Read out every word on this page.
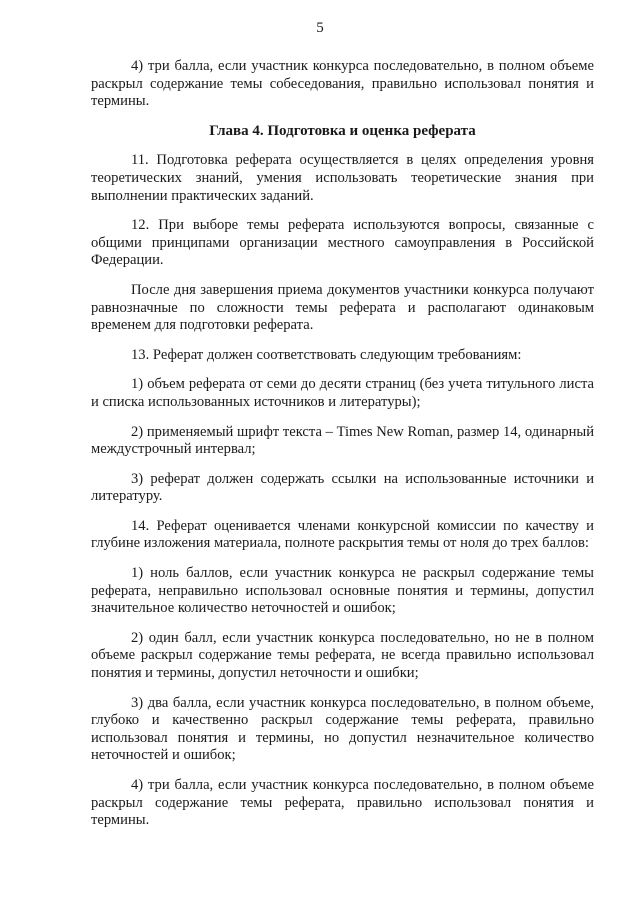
5

4) три балла, если участник конкурса последовательно, в полном объеме раскрыл содержание темы собеседования, правильно использовал понятия и термины.

Глава 4. Подготовка и оценка реферата

11. Подготовка реферата осуществляется в целях определения уровня теоретических знаний, умения использовать теоретические знания при выполнении практических заданий.

12. При выборе темы реферата используются вопросы, связанные с общими принципами организации местного самоуправления в Российской Федерации.

После дня завершения приема документов участники конкурса получают равнозначные по сложности темы реферата и располагают одинаковым временем для подготовки реферата.

13. Реферат должен соответствовать следующим требованиям:

1) объем реферата от семи до десяти страниц (без учета титульного листа и списка использованных источников и литературы);

2) применяемый шрифт текста – Times New Roman, размер 14, одинарный междустрочный интервал;

3) реферат должен содержать ссылки на использованные источники и литературу.

14. Реферат оценивается членами конкурсной комиссии по качеству и глубине изложения материала, полноте раскрытия темы от ноля до трех баллов:

1) ноль баллов, если участник конкурса не раскрыл содержание темы реферата, неправильно использовал основные понятия и термины, допустил значительное количество неточностей и ошибок;

2) один балл, если участник конкурса последовательно, но не в полном объеме раскрыл содержание темы реферата, не всегда правильно использовал понятия и термины, допустил неточности и ошибки;

3) два балла, если участник конкурса последовательно, в полном объеме, глубоко и качественно раскрыл содержание темы реферата, правильно использовал понятия и термины, но допустил незначительное количество неточностей и ошибок;

4) три балла, если участник конкурса последовательно, в полном объеме раскрыл содержание темы реферата, правильно использовал понятия и термины.
